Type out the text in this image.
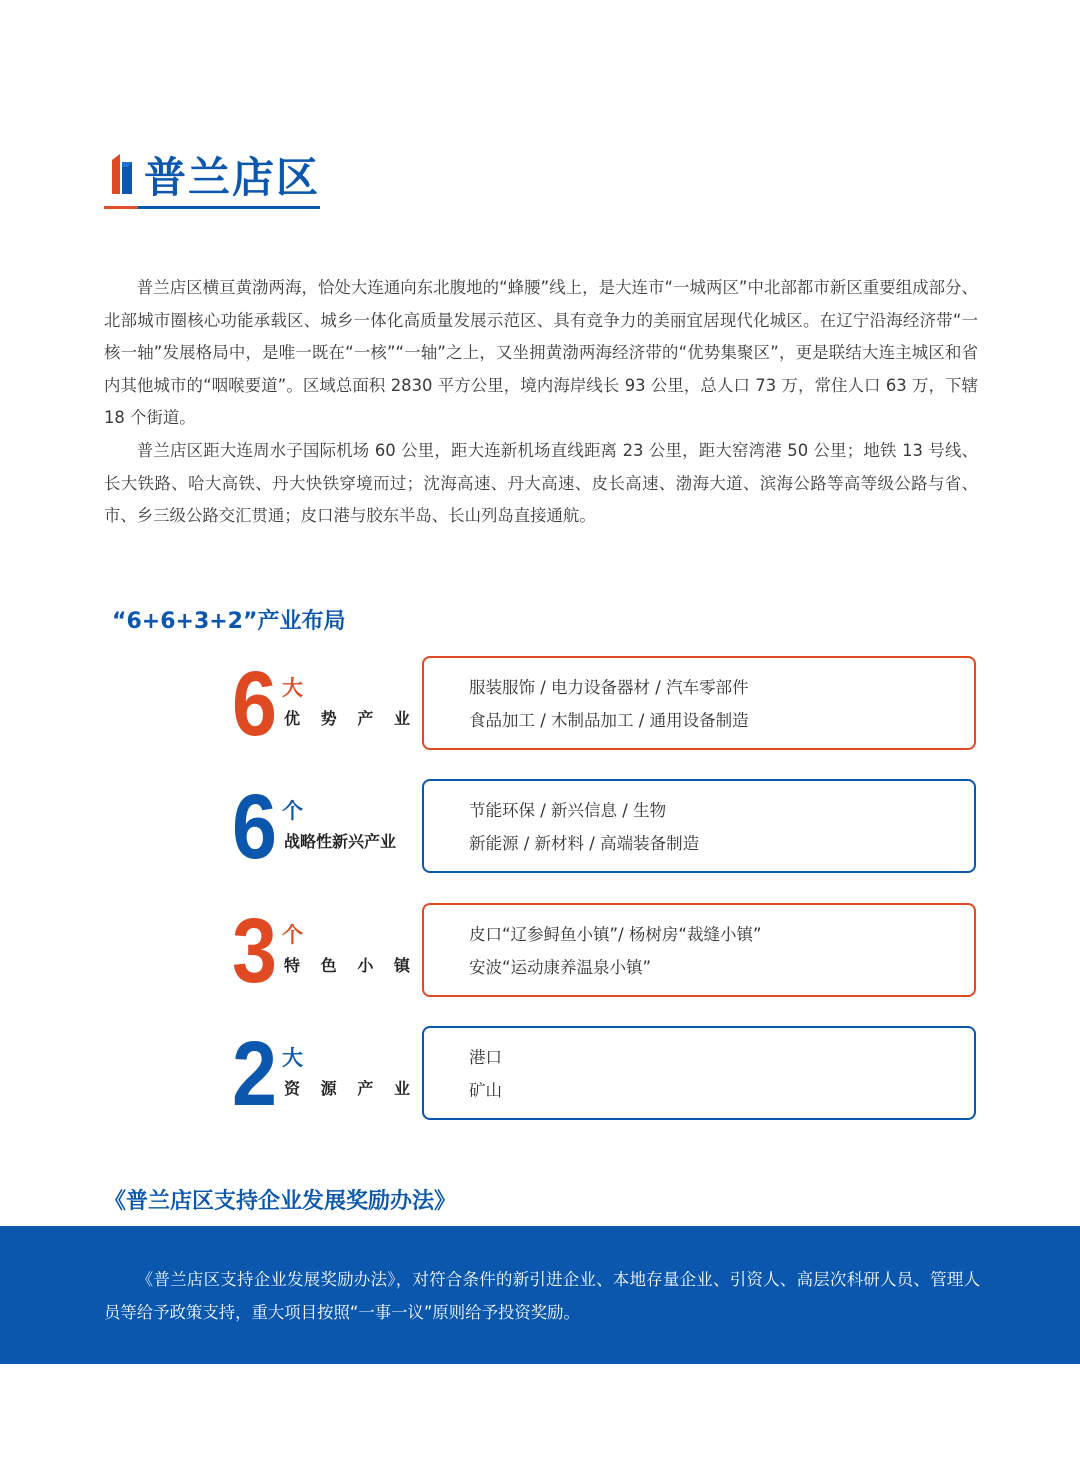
普兰店区

普兰店区横亘黄渤两海，恰处大连通向东北腹地的“蜂腰”线上，是大连市“一城两区”中北部都市新区重要组成部分、北部城市圈核心功能承载区、城乡一体化高质量发展示范区、具有竞争力的美丽宜居现代化城区。在辽宁沿海经济带“一核一轴”发展格局中，是唯一既在“一核”“一轴”之上，又坐拥黄渤两海经济带的“优势集聚区”，更是联结大连主城区和省内其他城市的“咽喉要道”。区域总面积 2830 平方公里，境内海岸线长 93 公里，总人口 73 万，常住人口 63 万，下辖 18 个街道。

普兰店区距大连周水子国际机场 60 公里，距大连新机场直线距离 23 公里，距大窑湾港 50 公里；地铁 13 号线、长大铁路、哈大高铁、丹大快铁穿境而过；沈海高速、丹大高速、皮长高速、渤海大道、滨海公路等高等级公路与省、市、乡三级公路交汇贯通；皮口港与胶东半岛、长山列岛直接通航。

“6+6+3+2”产业布局
6 大
优 势 产 业
服装服饰 / 电力设备器材 / 汽车零部件
食品加工 / 木制品加工 / 通用设备制造
6 个
战略性新兴产业
节能环保 / 新兴信息 / 生物
新能源 / 新材料 / 高端装备制造
3 个
特 色 小 镇
皮口“辽参鲟鱼小镇”/ 杨树房“裁缝小镇”
安波“运动康养温泉小镇”
2 大
资 源 产 业
港口
矿山
《普兰店区支持企业发展奖励办法》

《普兰店区支持企业发展奖励办法》，对符合条件的新引进企业、本地存量企业、引资人、高层次科研人员、管理人员等给予政策支持，重大项目按照“一事一议”原则给予投资奖励。
